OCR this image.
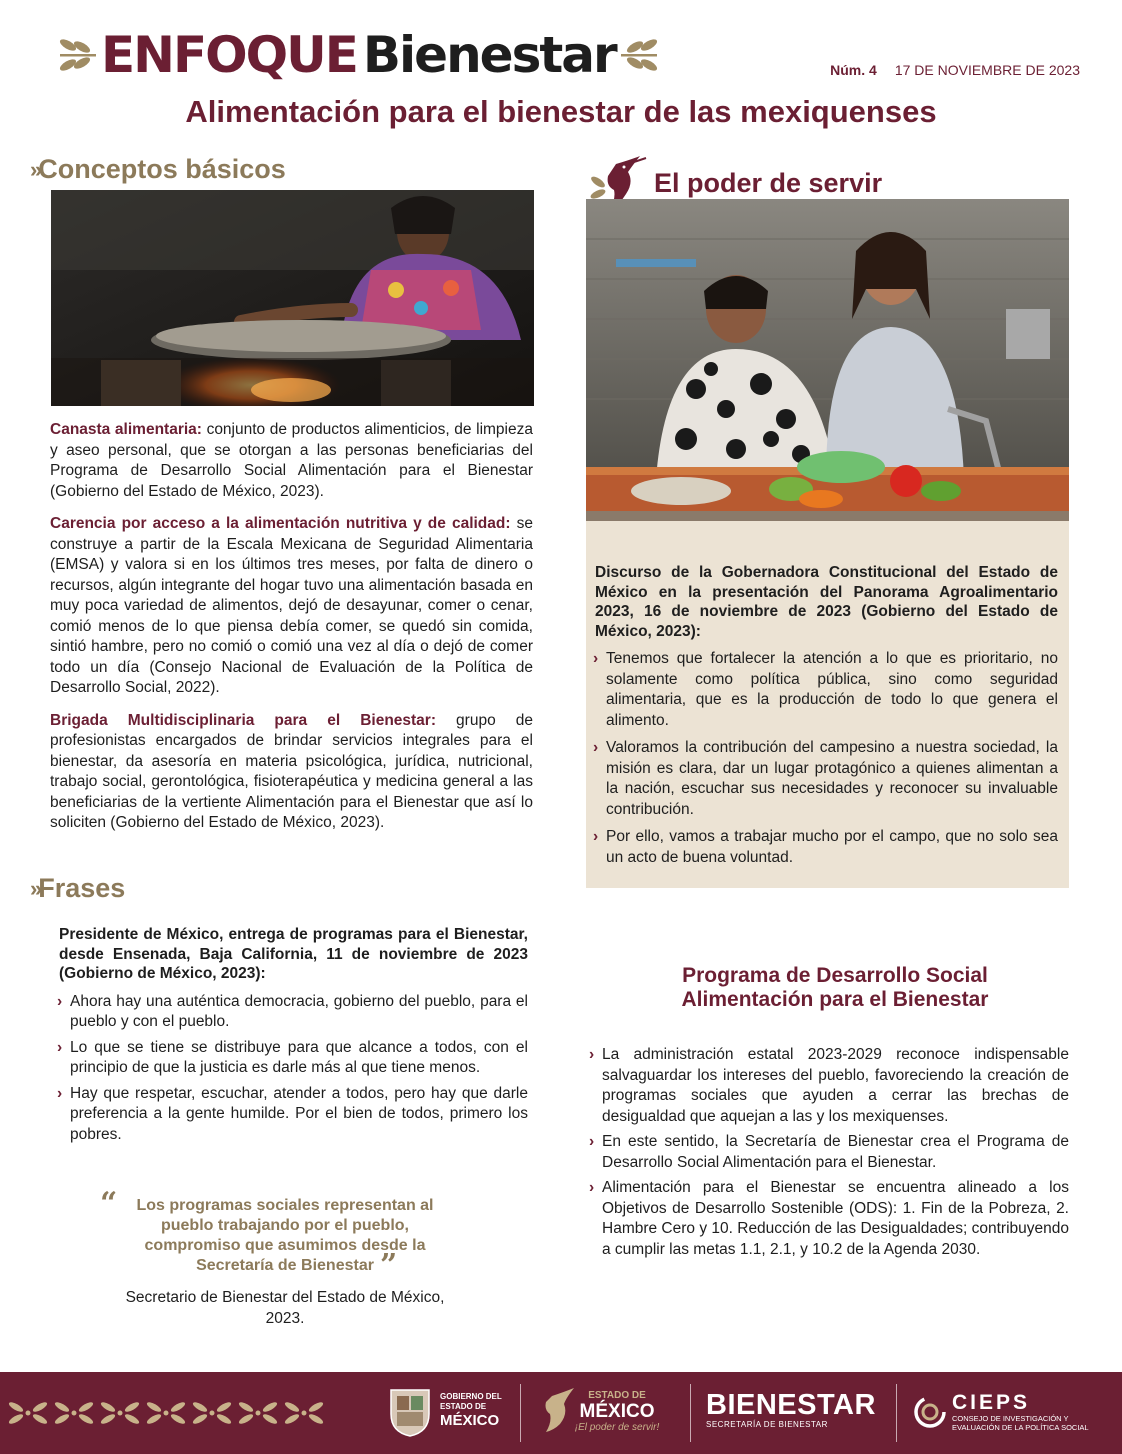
ENFOQUE Bienestar	Núm. 4 17 DE NOVIEMBRE DE 2023
Alimentación para el bienestar de las mexiquenses
» Conceptos básicos

Canasta alimentaria: conjunto de productos alimenticios, de limpieza y aseo personal, que se otorgan a las personas beneficiarias del Programa de Desarrollo Social Alimentación para el Bienestar (Gobierno del Estado de México, 2023).

Carencia por acceso a la alimentación nutritiva y de calidad: se construye a partir de la Escala Mexicana de Seguridad Alimentaria (EMSA) y valora si en los últimos tres meses, por falta de dinero o recursos, algún integrante del hogar tuvo una alimentación basada en muy poca variedad de alimentos, dejó de desayunar, comer o cenar, comió menos de lo que piensa debía comer, se quedó sin comida, sintió hambre, pero no comió o comió una vez al día o dejó de comer todo un día (Consejo Nacional de Evaluación de la Política de Desarrollo Social, 2022).

Brigada Multidisciplinaria para el Bienestar: grupo de profesionistas encargados de brindar servicios integrales para el bienestar, da asesoría en materia psicológica, jurídica, nutricional, trabajo social, gerontológica, fisioterapéutica y medicina general a las beneficiarias de la vertiente Alimentación para el Bienestar que así lo soliciten (Gobierno del Estado de México, 2023).

» Frases

Presidente de México, entrega de programas para el Bienestar, desde Ensenada, Baja California, 11 de noviembre de 2023 (Gobierno de México, 2023):

› Ahora hay una auténtica democracia, gobierno del pueblo, para el pueblo y con el pueblo.

› Lo que se tiene se distribuye para que alcance a todos, con el principio de que la justicia es darle más al que tiene menos.

› Hay que respetar, escuchar, atender a todos, pero hay que darle preferencia a la gente humilde. Por el bien de todos, primero los pobres.

“	Los programas sociales representan al pueblo trabajando por el pueblo, compromiso que asumimos desde la Secretaría de Bienestar ”
Secretario de Bienestar del Estado de México, 2023.
El poder de servir

Discurso de la Gobernadora Constitucional del Estado de México en la presentación del Panorama Agroalimentario 2023, 16 de noviembre de 2023 (Gobierno del Estado de México, 2023):

› Tenemos que fortalecer la atención a lo que es prioritario, no solamente como política pública, sino como seguridad alimentaria, que es la producción de todo lo que genera el alimento.

› Valoramos la contribución del campesino a nuestra sociedad, la misión es clara, dar un lugar protagónico a quienes alimentan a la nación, escuchar sus necesidades y reconocer su invaluable contribución.

› Por ello, vamos a trabajar mucho por el campo, que no solo sea un acto de buena voluntad.

Programa de Desarrollo Social
Alimentación para el Bienestar

› La administración estatal 2023-2029 reconoce indispensable salvaguardar los intereses del pueblo, favoreciendo la creación de programas sociales que ayuden a cerrar las brechas de desigualdad que aquejan a las y los mexiquenses.

› En este sentido, la Secretaría de Bienestar crea el Programa de Desarrollo Social Alimentación para el Bienestar.

› Alimentación para el Bienestar se encuentra alineado a los Objetivos de Desarrollo Sostenible (ODS): 1. Fin de la Pobreza, 2. Hambre Cero y 10. Reducción de las Desigualdades; contribuyendo a cumplir las metas 1.1, 2.1, y 10.2 de la Agenda 2030.

GOBIERNO DEL
ESTADO DE
MÉXICO
ESTADO DE
MÉXICO
¡El poder de servir!
BIENESTAR
SECRETARÍA DE BIENESTAR
CIEPS
CONSEJO DE INVESTIGACIÓN Y
EVALUACIÓN DE LA POLÍTICA SOCIAL
